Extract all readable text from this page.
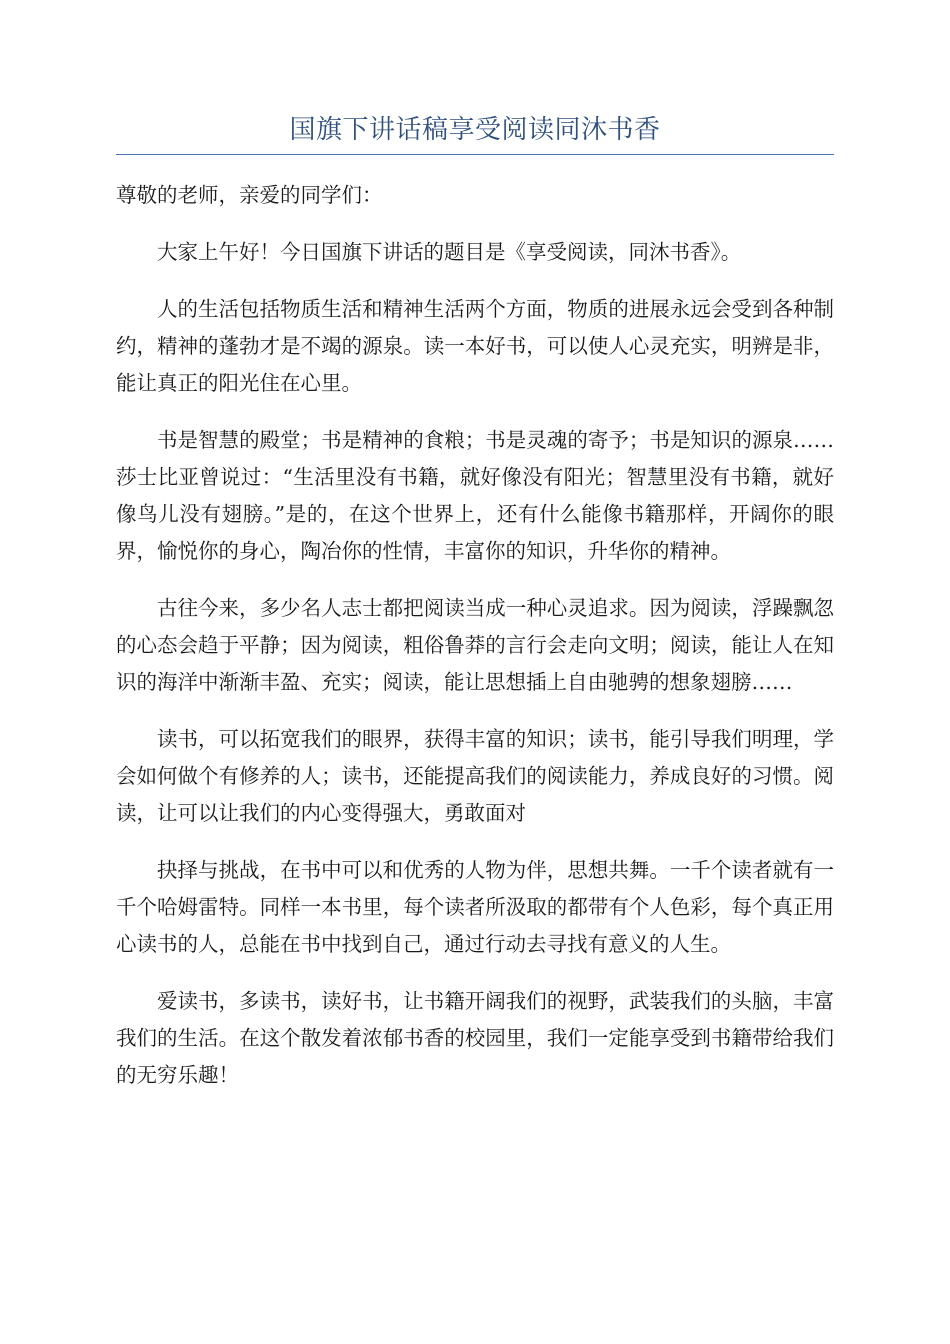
国旗下讲话稿享受阅读同沐书香

尊敬的老师，亲爱的同学们：

大家上午好！今日国旗下讲话的题目是《享受阅读，同沐书香》。

人的生活包括物质生活和精神生活两个方面，物质的进展永远会受到各种制约，精神的蓬勃才是不竭的源泉。读一本好书，可以使人心灵充实，明辨是非，能让真正的阳光住在心里。

书是智慧的殿堂；书是精神的食粮；书是灵魂的寄予；书是知识的源泉……莎士比亚曾说过：“生活里没有书籍，就好像没有阳光；智慧里没有书籍，就好像鸟儿没有翅膀。”是的，在这个世界上，还有什么能像书籍那样，开阔你的眼界，愉悦你的身心，陶冶你的性情，丰富你的知识，升华你的精神。

古往今来，多少名人志士都把阅读当成一种心灵追求。因为阅读，浮躁飘忽的心态会趋于平静；因为阅读，粗俗鲁莽的言行会走向文明；阅读，能让人在知识的海洋中渐渐丰盈、充实；阅读，能让思想插上自由驰骋的想象翅膀……

读书，可以拓宽我们的眼界，获得丰富的知识；读书，能引导我们明理，学会如何做个有修养的人；读书，还能提高我们的阅读能力，养成良好的习惯。阅读，让可以让我们的内心变得强大，勇敢面对

抉择与挑战，在书中可以和优秀的人物为伴，思想共舞。一千个读者就有一千个哈姆雷特。同样一本书里，每个读者所汲取的都带有个人色彩，每个真正用心读书的人，总能在书中找到自己，通过行动去寻找有意义的人生。

爱读书，多读书，读好书，让书籍开阔我们的视野，武装我们的头脑，丰富我们的生活。在这个散发着浓郁书香的校园里，我们一定能享受到书籍带给我们的无穷乐趣！
